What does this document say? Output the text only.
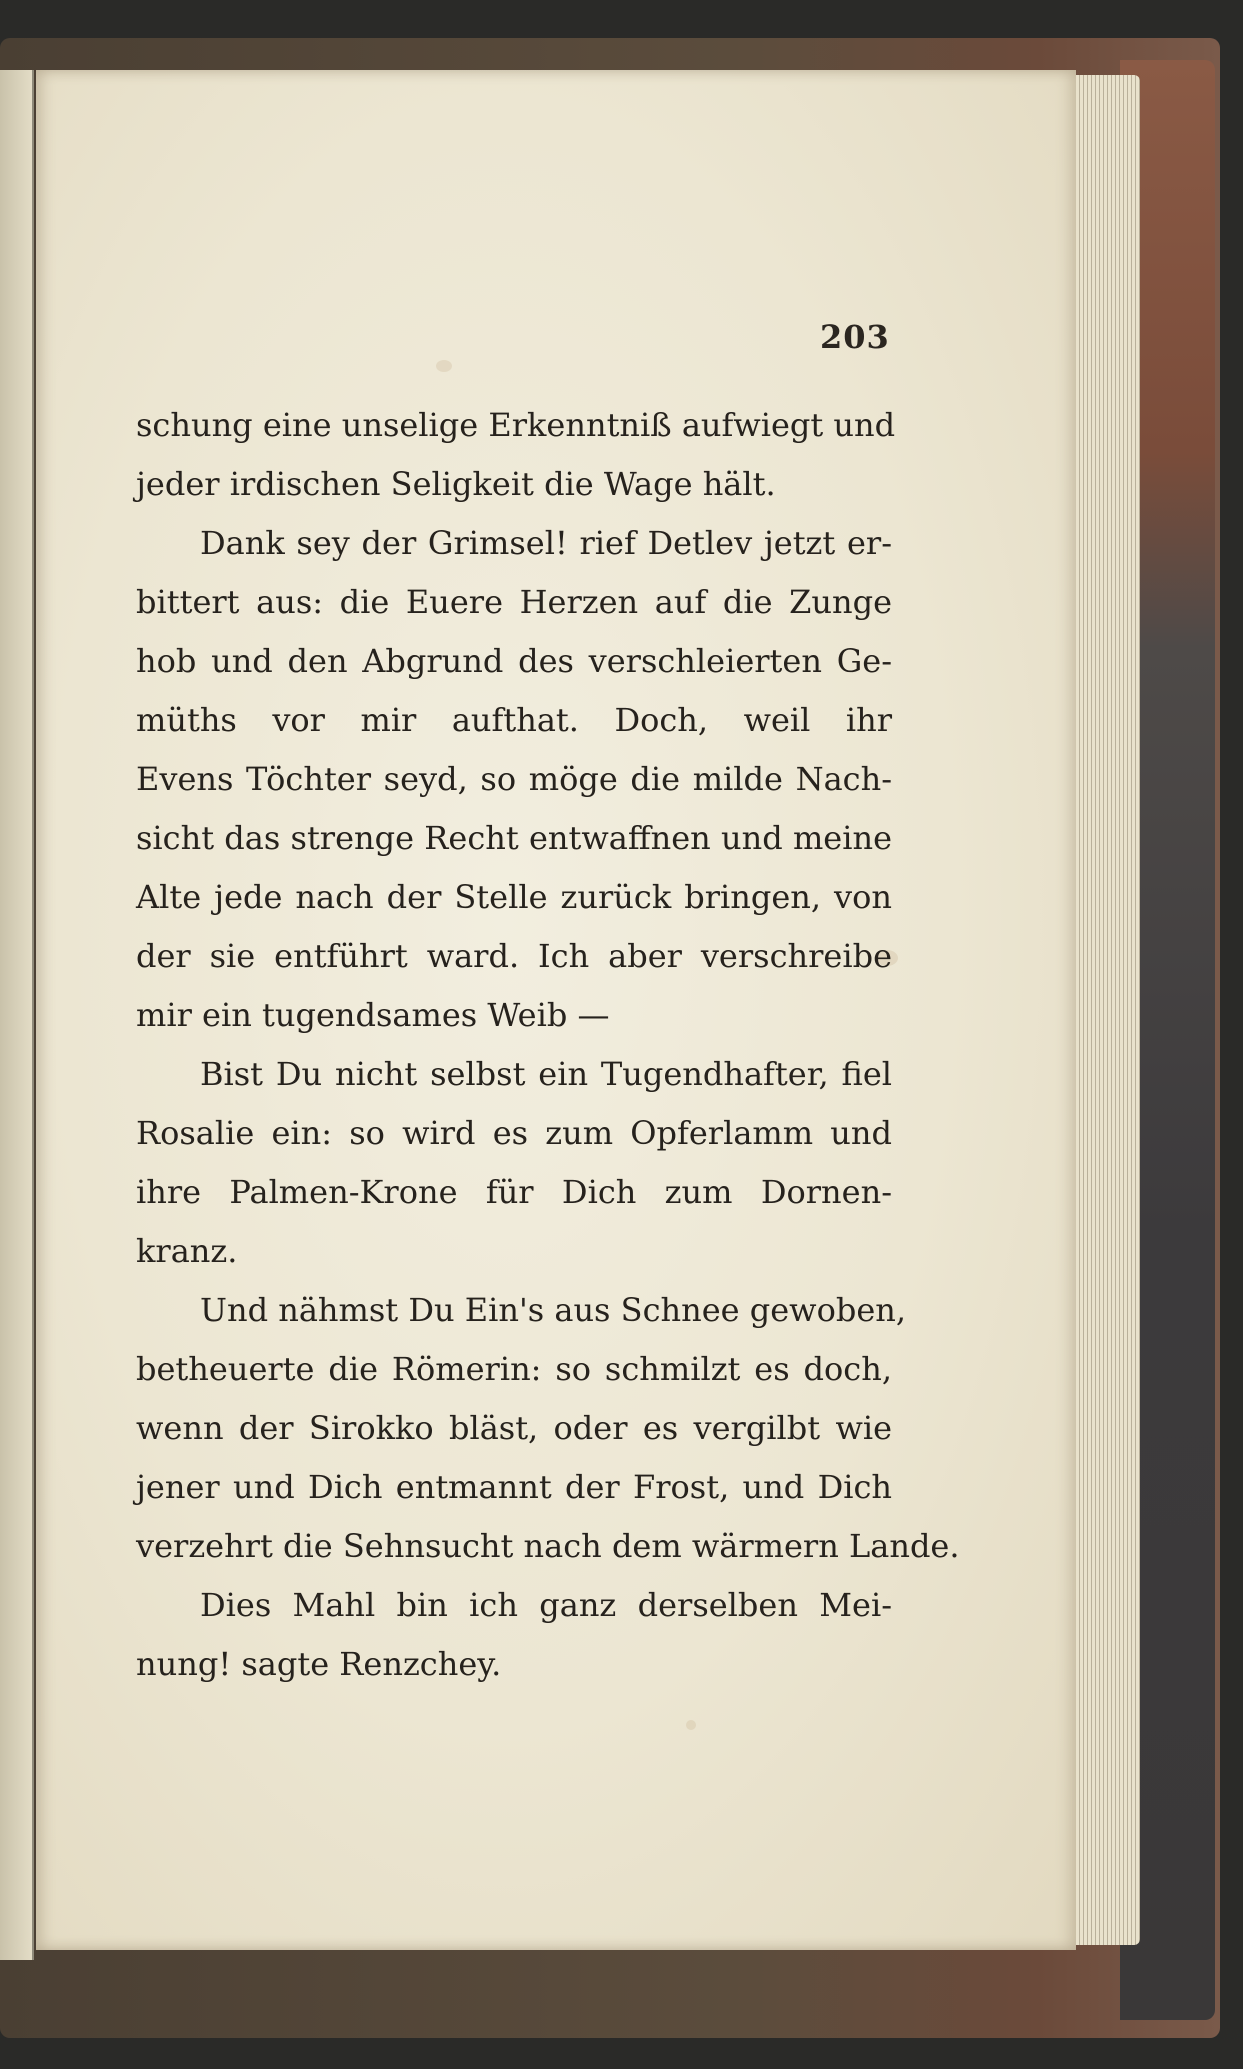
203
schung eine unselige Erkenntniß aufwiegt und
jeder irdischen Seligkeit die Wage hält.
Dank sey der Grimsel! rief Detlev jetzt er-
bittert aus: die Euere Herzen auf die Zunge
hob und den Abgrund des verschleierten Ge-
müths vor mir aufthat. Doch, weil ihr
Evens Töchter seyd, so möge die milde Nach-
sicht das strenge Recht entwaffnen und meine
Alte jede nach der Stelle zurück bringen, von
der sie entführt ward. Ich aber verschreibe
mir ein tugendsames Weib —
Bist Du nicht selbst ein Tugendhafter, fiel
Rosalie ein: so wird es zum Opferlamm und
ihre Palmen-Krone für Dich zum Dornen-
kranz.
Und nähmst Du Ein's aus Schnee gewoben,
betheuerte die Römerin: so schmilzt es doch,
wenn der Sirokko bläst, oder es vergilbt wie
jener und Dich entmannt der Frost, und Dich
verzehrt die Sehnsucht nach dem wärmern Lande.
Dies Mahl bin ich ganz derselben Mei-
nung! sagte Renzchey.
